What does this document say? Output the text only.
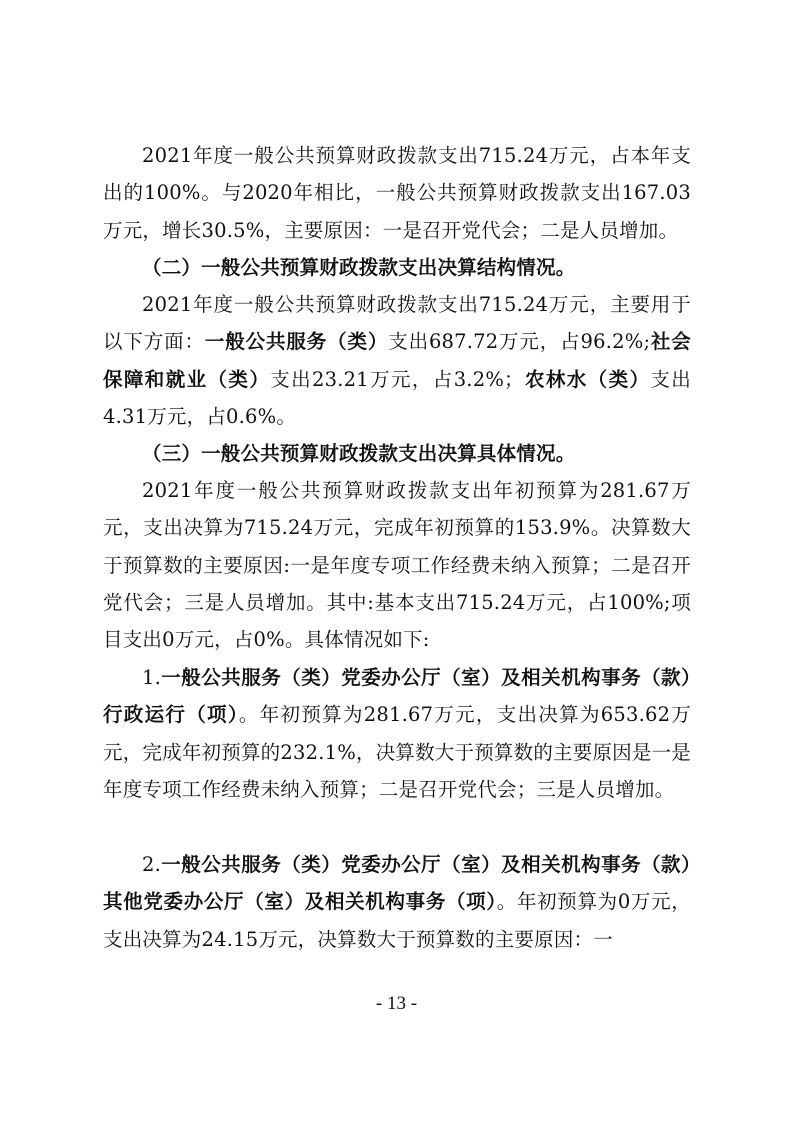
2021年度一般公共预算财政拨款支出715.24万元，占本年支出的100%。与2020年相比，一般公共预算财政拨款支出167.03万元，增长30.5%，主要原因：一是召开党代会；二是人员增加。

（二）一般公共预算财政拨款支出决算结构情况。

2021年度一般公共预算财政拨款支出715.24万元，主要用于以下方面：一般公共服务（类）支出687.72万元，占96.2%;社会保障和就业（类）支出23.21万元，占3.2%；农林水（类）支出4.31万元，占0.6%。

（三）一般公共预算财政拨款支出决算具体情况。

2021年度一般公共预算财政拨款支出年初预算为281.67万元，支出决算为715.24万元，完成年初预算的153.9%。决算数大于预算数的主要原因:一是年度专项工作经费未纳入预算；二是召开党代会；三是人员增加。其中:基本支出715.24万元，占100%;项目支出0万元，占0%。具体情况如下:

1.一般公共服务（类）党委办公厅（室）及相关机构事务（款）行政运行（项）。年初预算为281.67万元，支出决算为653.62万元，完成年初预算的232.1%，决算数大于预算数的主要原因是一是年度专项工作经费未纳入预算；二是召开党代会；三是人员增加。

2.一般公共服务（类）党委办公厅（室）及相关机构事务（款）其他党委办公厅（室）及相关机构事务（项）。年初预算为0万元，支出决算为24.15万元，决算数大于预算数的主要原因：一

- 13 -
